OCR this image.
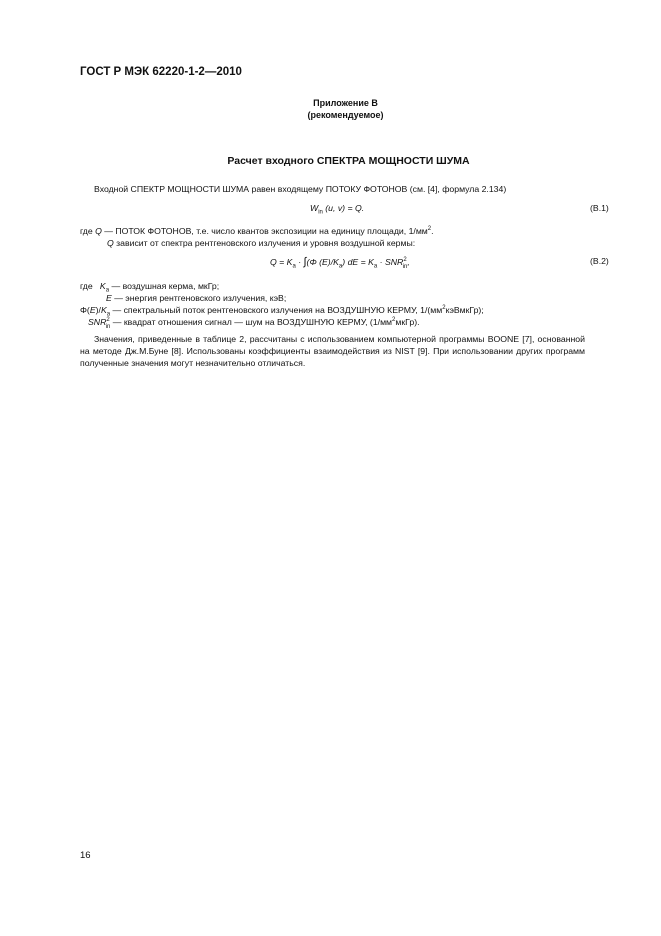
ГОСТ Р МЭК 62220-1-2—2010
Приложение В
(рекомендуемое)
Расчет входного СПЕКТРА МОЩНОСТИ ШУМА
Входной СПЕКТР МОЩНОСТИ ШУМА равен входящему ПОТОКУ ФОТОНОВ (см. [4], формула 2.134)
$W_{in}$ (u, v) = Q.	(В.1)
где Q — ПОТОК ФОТОНОВ, т.е. число квантов экспозиции на единицу площади, $1/мм^2$.
Q зависит от спектра рентгеновского излучения и уровня воздушной кермы:
$Q = K_a \cdot \int(\Phi$ $(E)/K_a$) dE = $K_a \cdot SNR^2_{in}$,	(В.2)
где   $K_a$ — воздушная керма, мкГр;
E — энергия рентгеновского излучения, кэВ;
$\Phi(E)/K_a$ — спектральный поток рентгеновского излучения на ВОЗДУШНУЮ КЕРМУ, $1/(мм^2кэВмкГр)$;
$SNR^2_{in}$ — квадрат отношения сигнал — шум на ВОЗДУШНУЮ КЕРМУ, $(1/мм^2мкГр)$.
Значения, приведенные в таблице 2, рассчитаны с использованием компьютерной программы BOONE [7], основанной на методе Дж.М.Буне [8]. Использованы коэффициенты взаимодействия из NIST [9]. При использовании других программ полученные значения могут незначительно отличаться.
16
